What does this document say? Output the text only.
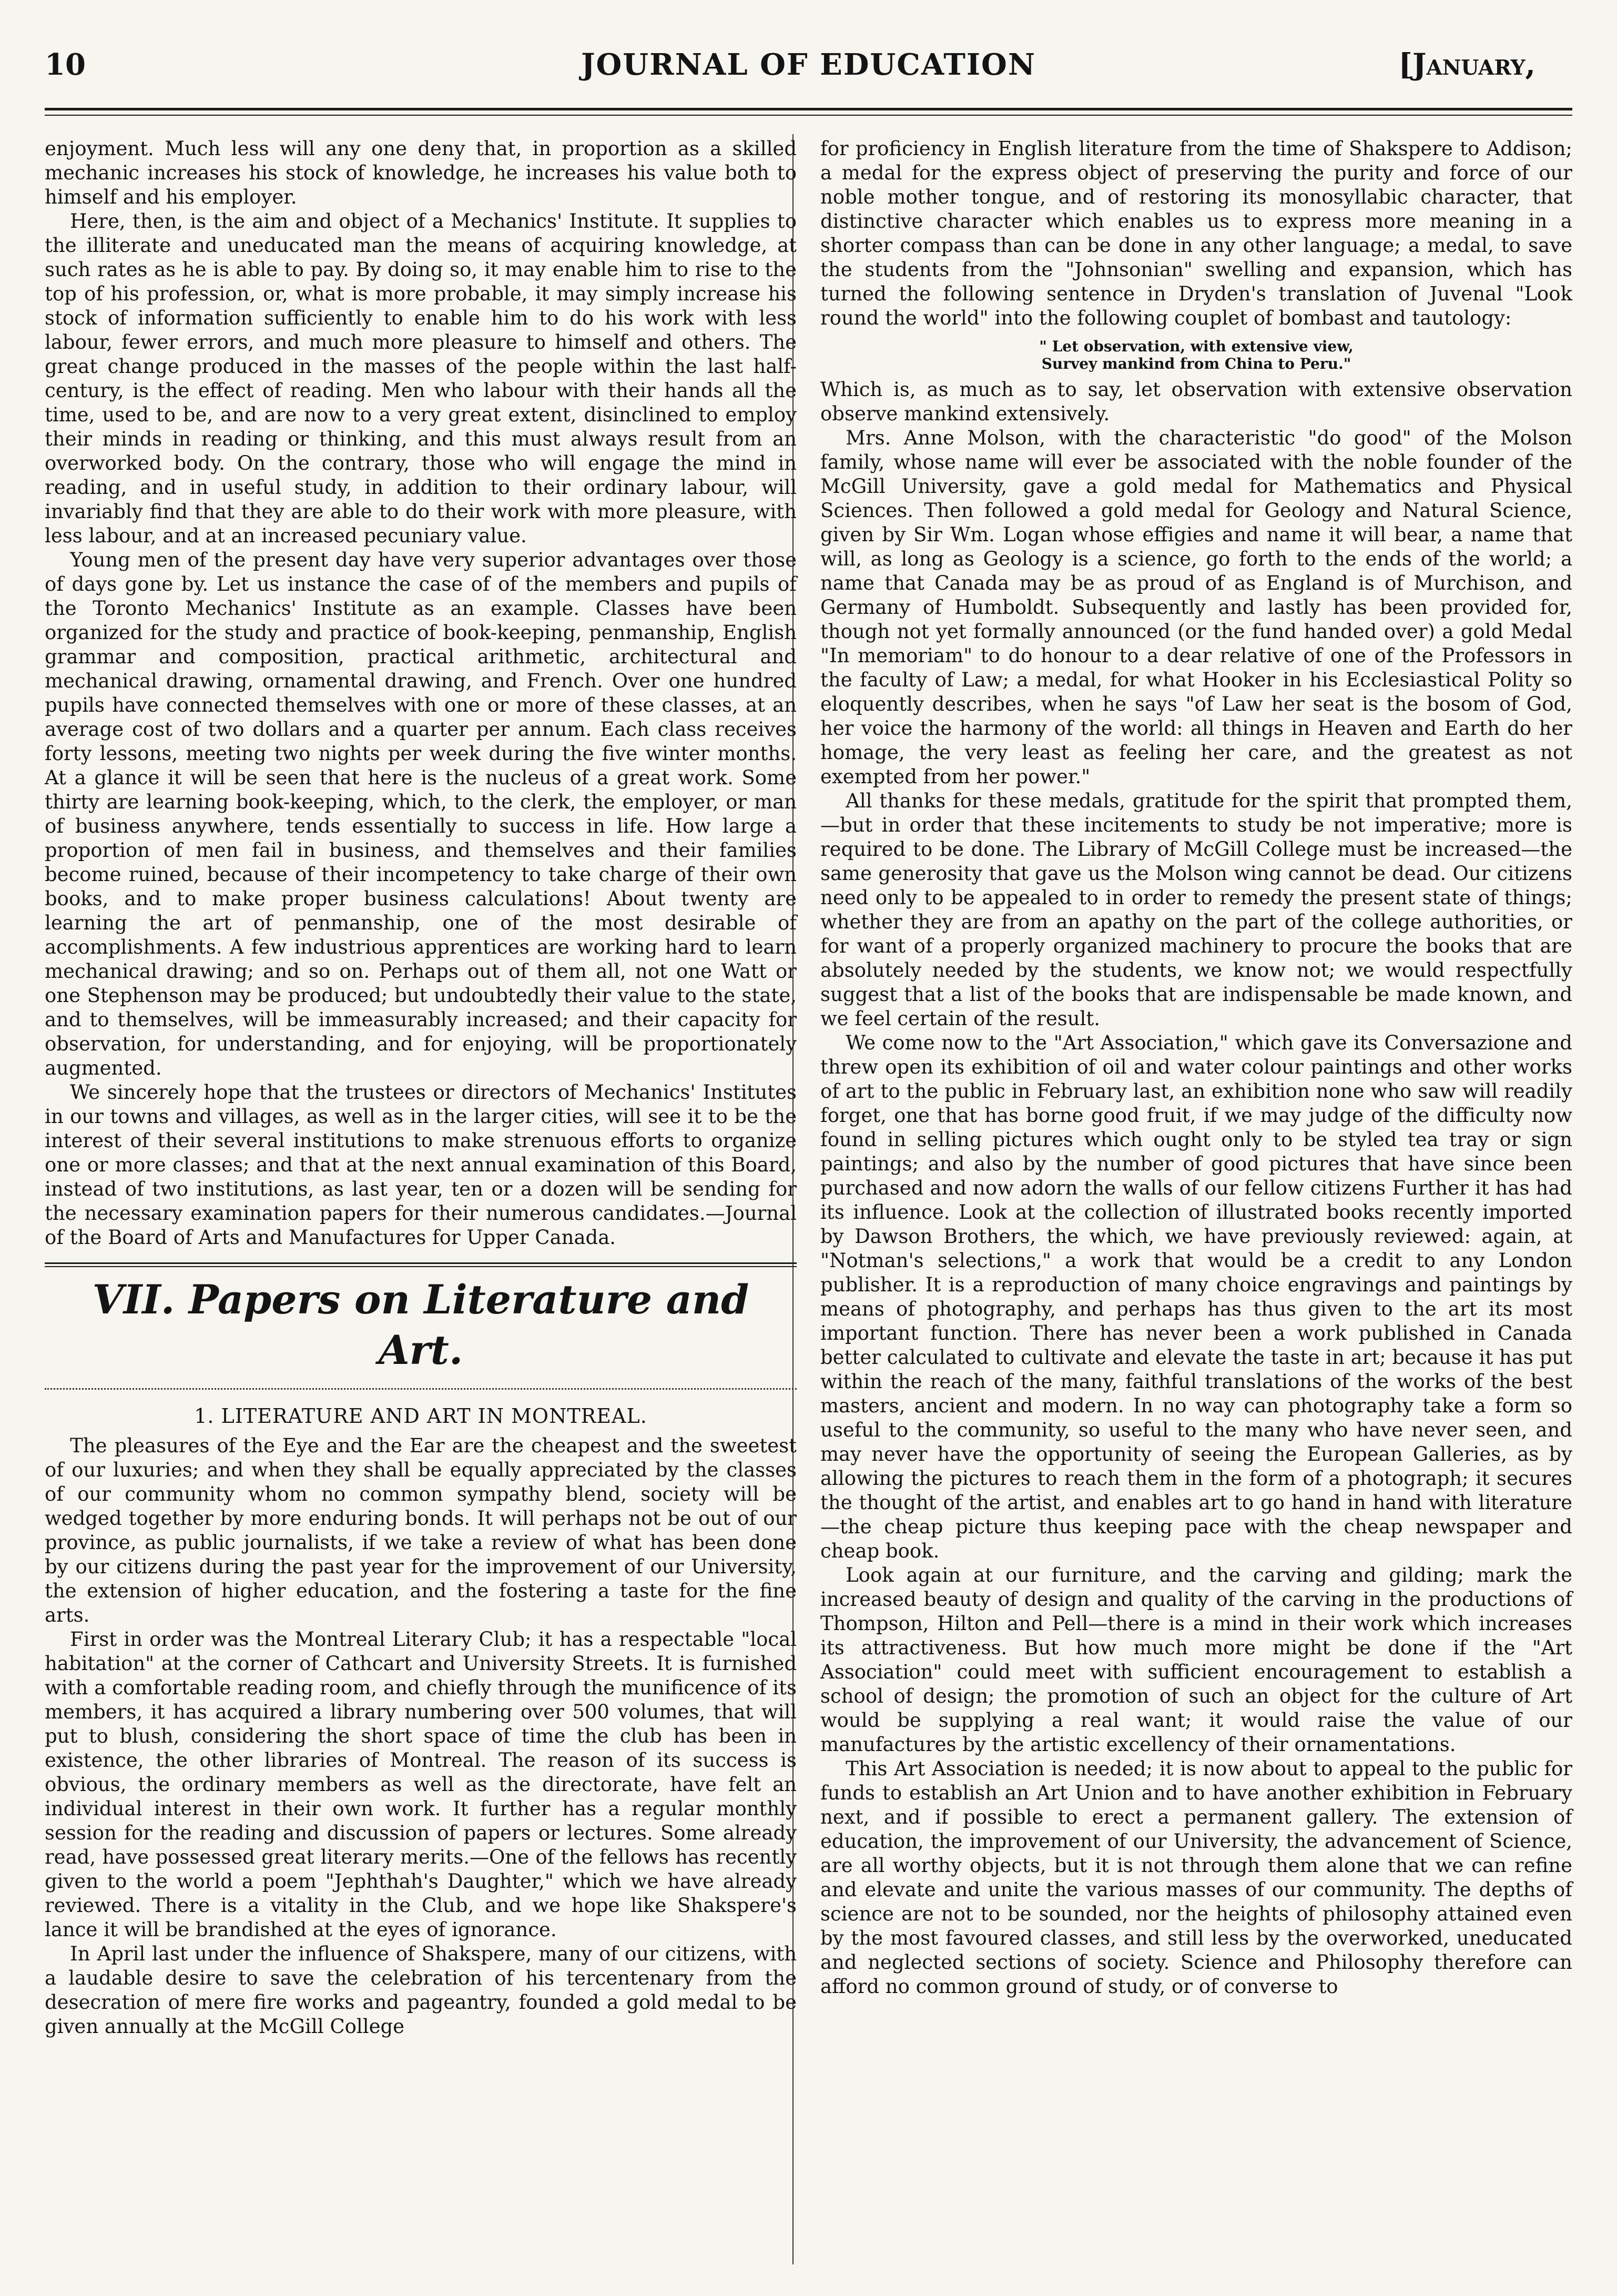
10	JOURNAL OF EDUCATION	[January,

enjoyment. Much less will any one deny that, in proportion as a skilled mechanic increases his stock of knowledge, he increases his value both to himself and his employer.

Here, then, is the aim and object of a Mechanics' Institute. It supplies to the illiterate and uneducated man the means of acquiring knowledge, at such rates as he is able to pay. By doing so, it may enable him to rise to the top of his profession, or, what is more probable, it may simply increase his stock of information sufficiently to enable him to do his work with less labour, fewer errors, and much more pleasure to himself and others. The great change produced in the masses of the people within the last half-century, is the effect of reading. Men who labour with their hands all the time, used to be, and are now to a very great extent, disinclined to employ their minds in reading or thinking, and this must always result from an overworked body. On the contrary, those who will engage the mind in reading, and in useful study, in addition to their ordinary labour, will invariably find that they are able to do their work with more pleasure, with less labour, and at an increased pecuniary value.

Young men of the present day have very superior advantages over those of days gone by. Let us instance the case of of the members and pupils of the Toronto Mechanics' Institute as an example. Classes have been organized for the study and practice of book-keeping, penmanship, English grammar and composition, practical arithmetic, architectural and mechanical drawing, ornamental drawing, and French. Over one hundred pupils have connected themselves with one or more of these classes, at an average cost of two dollars and a quarter per annum. Each class receives forty lessons, meeting two nights per week during the five winter months. At a glance it will be seen that here is the nucleus of a great work. Some thirty are learning book-keeping, which, to the clerk, the employer, or man of business anywhere, tends essentially to success in life. How large a proportion of men fail in business, and themselves and their families become ruined, because of their incompetency to take charge of their own books, and to make proper business calculations! About twenty are learning the art of penmanship, one of the most desirable of accomplishments. A few industrious apprentices are working hard to learn mechanical drawing; and so on. Perhaps out of them all, not one Watt or one Stephenson may be produced; but undoubtedly their value to the state, and to themselves, will be immeasurably increased; and their capacity for observation, for understanding, and for enjoying, will be proportionately augmented.

We sincerely hope that the trustees or directors of Mechanics' Institutes in our towns and villages, as well as in the larger cities, will see it to be the interest of their several institutions to make strenuous efforts to organize one or more classes; and that at the next annual examination of this Board, instead of two institutions, as last year, ten or a dozen will be sending for the necessary examination papers for their numerous candidates.—Journal of the Board of Arts and Manufactures for Upper Canada.

VII. Papers on Literature and Art.
1. LITERATURE AND ART IN MONTREAL.

The pleasures of the Eye and the Ear are the cheapest and the sweetest of our luxuries; and when they shall be equally appreciated by the classes of our community whom no common sympathy blend, society will be wedged together by more enduring bonds. It will perhaps not be out of our province, as public journalists, if we take a review of what has been done by our citizens during the past year for the improvement of our University, the extension of higher education, and the fostering a taste for the fine arts.

First in order was the Montreal Literary Club; it has a respectable "local habitation" at the corner of Cathcart and University Streets. It is furnished with a comfortable reading room, and chiefly through the munificence of its members, it has acquired a library numbering over 500 volumes, that will put to blush, considering the short space of time the club has been in existence, the other libraries of Montreal. The reason of its success is obvious, the ordinary members as well as the directorate, have felt an individual interest in their own work. It further has a regular monthly session for the reading and discussion of papers or lectures. Some already read, have possessed great literary merits.—One of the fellows has recently given to the world a poem "Jephthah's Daughter," which we have already reviewed. There is a vitality in the Club, and we hope like Shakspere's lance it will be brandished at the eyes of ignorance.

In April last under the influence of Shakspere, many of our citizens, with a laudable desire to save the celebration of his tercentenary from the desecration of mere fire works and pageantry, founded a gold medal to be given annually at the McGill College

for proficiency in English literature from the time of Shakspere to Addison; a medal for the express object of preserving the purity and force of our noble mother tongue, and of restoring its monosyllabic character, that distinctive character which enables us to express more meaning in a shorter compass than can be done in any other language; a medal, to save the students from the "Johnsonian" swelling and expansion, which has turned the following sentence in Dryden's translation of Juvenal "Look round the world" into the following couplet of bombast and tautology:

" Let observation, with extensive view,
Survey mankind from China to Peru."

Which is, as much as to say, let observation with extensive observation observe mankind extensively.

Mrs. Anne Molson, with the characteristic "do good" of the Molson family, whose name will ever be associated with the noble founder of the McGill University, gave a gold medal for Mathematics and Physical Sciences. Then followed a gold medal for Geology and Natural Science, given by Sir Wm. Logan whose effigies and name it will bear, a name that will, as long as Geology is a science, go forth to the ends of the world; a name that Canada may be as proud of as England is of Murchison, and Germany of Humboldt. Subsequently and lastly has been provided for, though not yet formally announced (or the fund handed over) a gold Medal "In memoriam" to do honour to a dear relative of one of the Professors in the faculty of Law; a medal, for what Hooker in his Ecclesiastical Polity so eloquently describes, when he says "of Law her seat is the bosom of God, her voice the harmony of the world: all things in Heaven and Earth do her homage, the very least as feeling her care, and the greatest as not exempted from her power."

All thanks for these medals, gratitude for the spirit that prompted them,—but in order that these incitements to study be not imperative; more is required to be done. The Library of McGill College must be increased—the same generosity that gave us the Molson wing cannot be dead. Our citizens need only to be appealed to in order to remedy the present state of things; whether they are from an apathy on the part of the college authorities, or for want of a properly organized machinery to procure the books that are absolutely needed by the students, we know not; we would respectfully suggest that a list of the books that are indispensable be made known, and we feel certain of the result.

We come now to the "Art Association," which gave its Conversazione and threw open its exhibition of oil and water colour paintings and other works of art to the public in February last, an exhibition none who saw will readily forget, one that has borne good fruit, if we may judge of the difficulty now found in selling pictures which ought only to be styled tea tray or sign paintings; and also by the number of good pictures that have since been purchased and now adorn the walls of our fellow citizens Further it has had its influence. Look at the collection of illustrated books recently imported by Dawson Brothers, the which, we have previously reviewed: again, at "Notman's selections," a work that would be a credit to any London publisher. It is a reproduction of many choice engravings and paintings by means of photography, and perhaps has thus given to the art its most important function. There has never been a work published in Canada better calculated to cultivate and elevate the taste in art; because it has put within the reach of the many, faithful translations of the works of the best masters, ancient and modern. In no way can photography take a form so useful to the community, so useful to the many who have never seen, and may never have the opportunity of seeing the European Galleries, as by allowing the pictures to reach them in the form of a photograph; it secures the thought of the artist, and enables art to go hand in hand with literature—the cheap picture thus keeping pace with the cheap newspaper and cheap book.

Look again at our furniture, and the carving and gilding; mark the increased beauty of design and quality of the carving in the productions of Thompson, Hilton and Pell—there is a mind in their work which increases its attractiveness. But how much more might be done if the "Art Association" could meet with sufficient encouragement to establish a school of design; the promotion of such an object for the culture of Art would be supplying a real want; it would raise the value of our manufactures by the artistic excellency of their ornamentations.

This Art Association is needed; it is now about to appeal to the public for funds to establish an Art Union and to have another exhibition in February next, and if possible to erect a permanent gallery. The extension of education, the improvement of our University, the advancement of Science, are all worthy objects, but it is not through them alone that we can refine and elevate and unite the various masses of our community. The depths of science are not to be sounded, nor the heights of philosophy attained even by the most favoured classes, and still less by the overworked, uneducated and neglected sections of society. Science and Philosophy therefore can afford no common ground of study, or of converse to
